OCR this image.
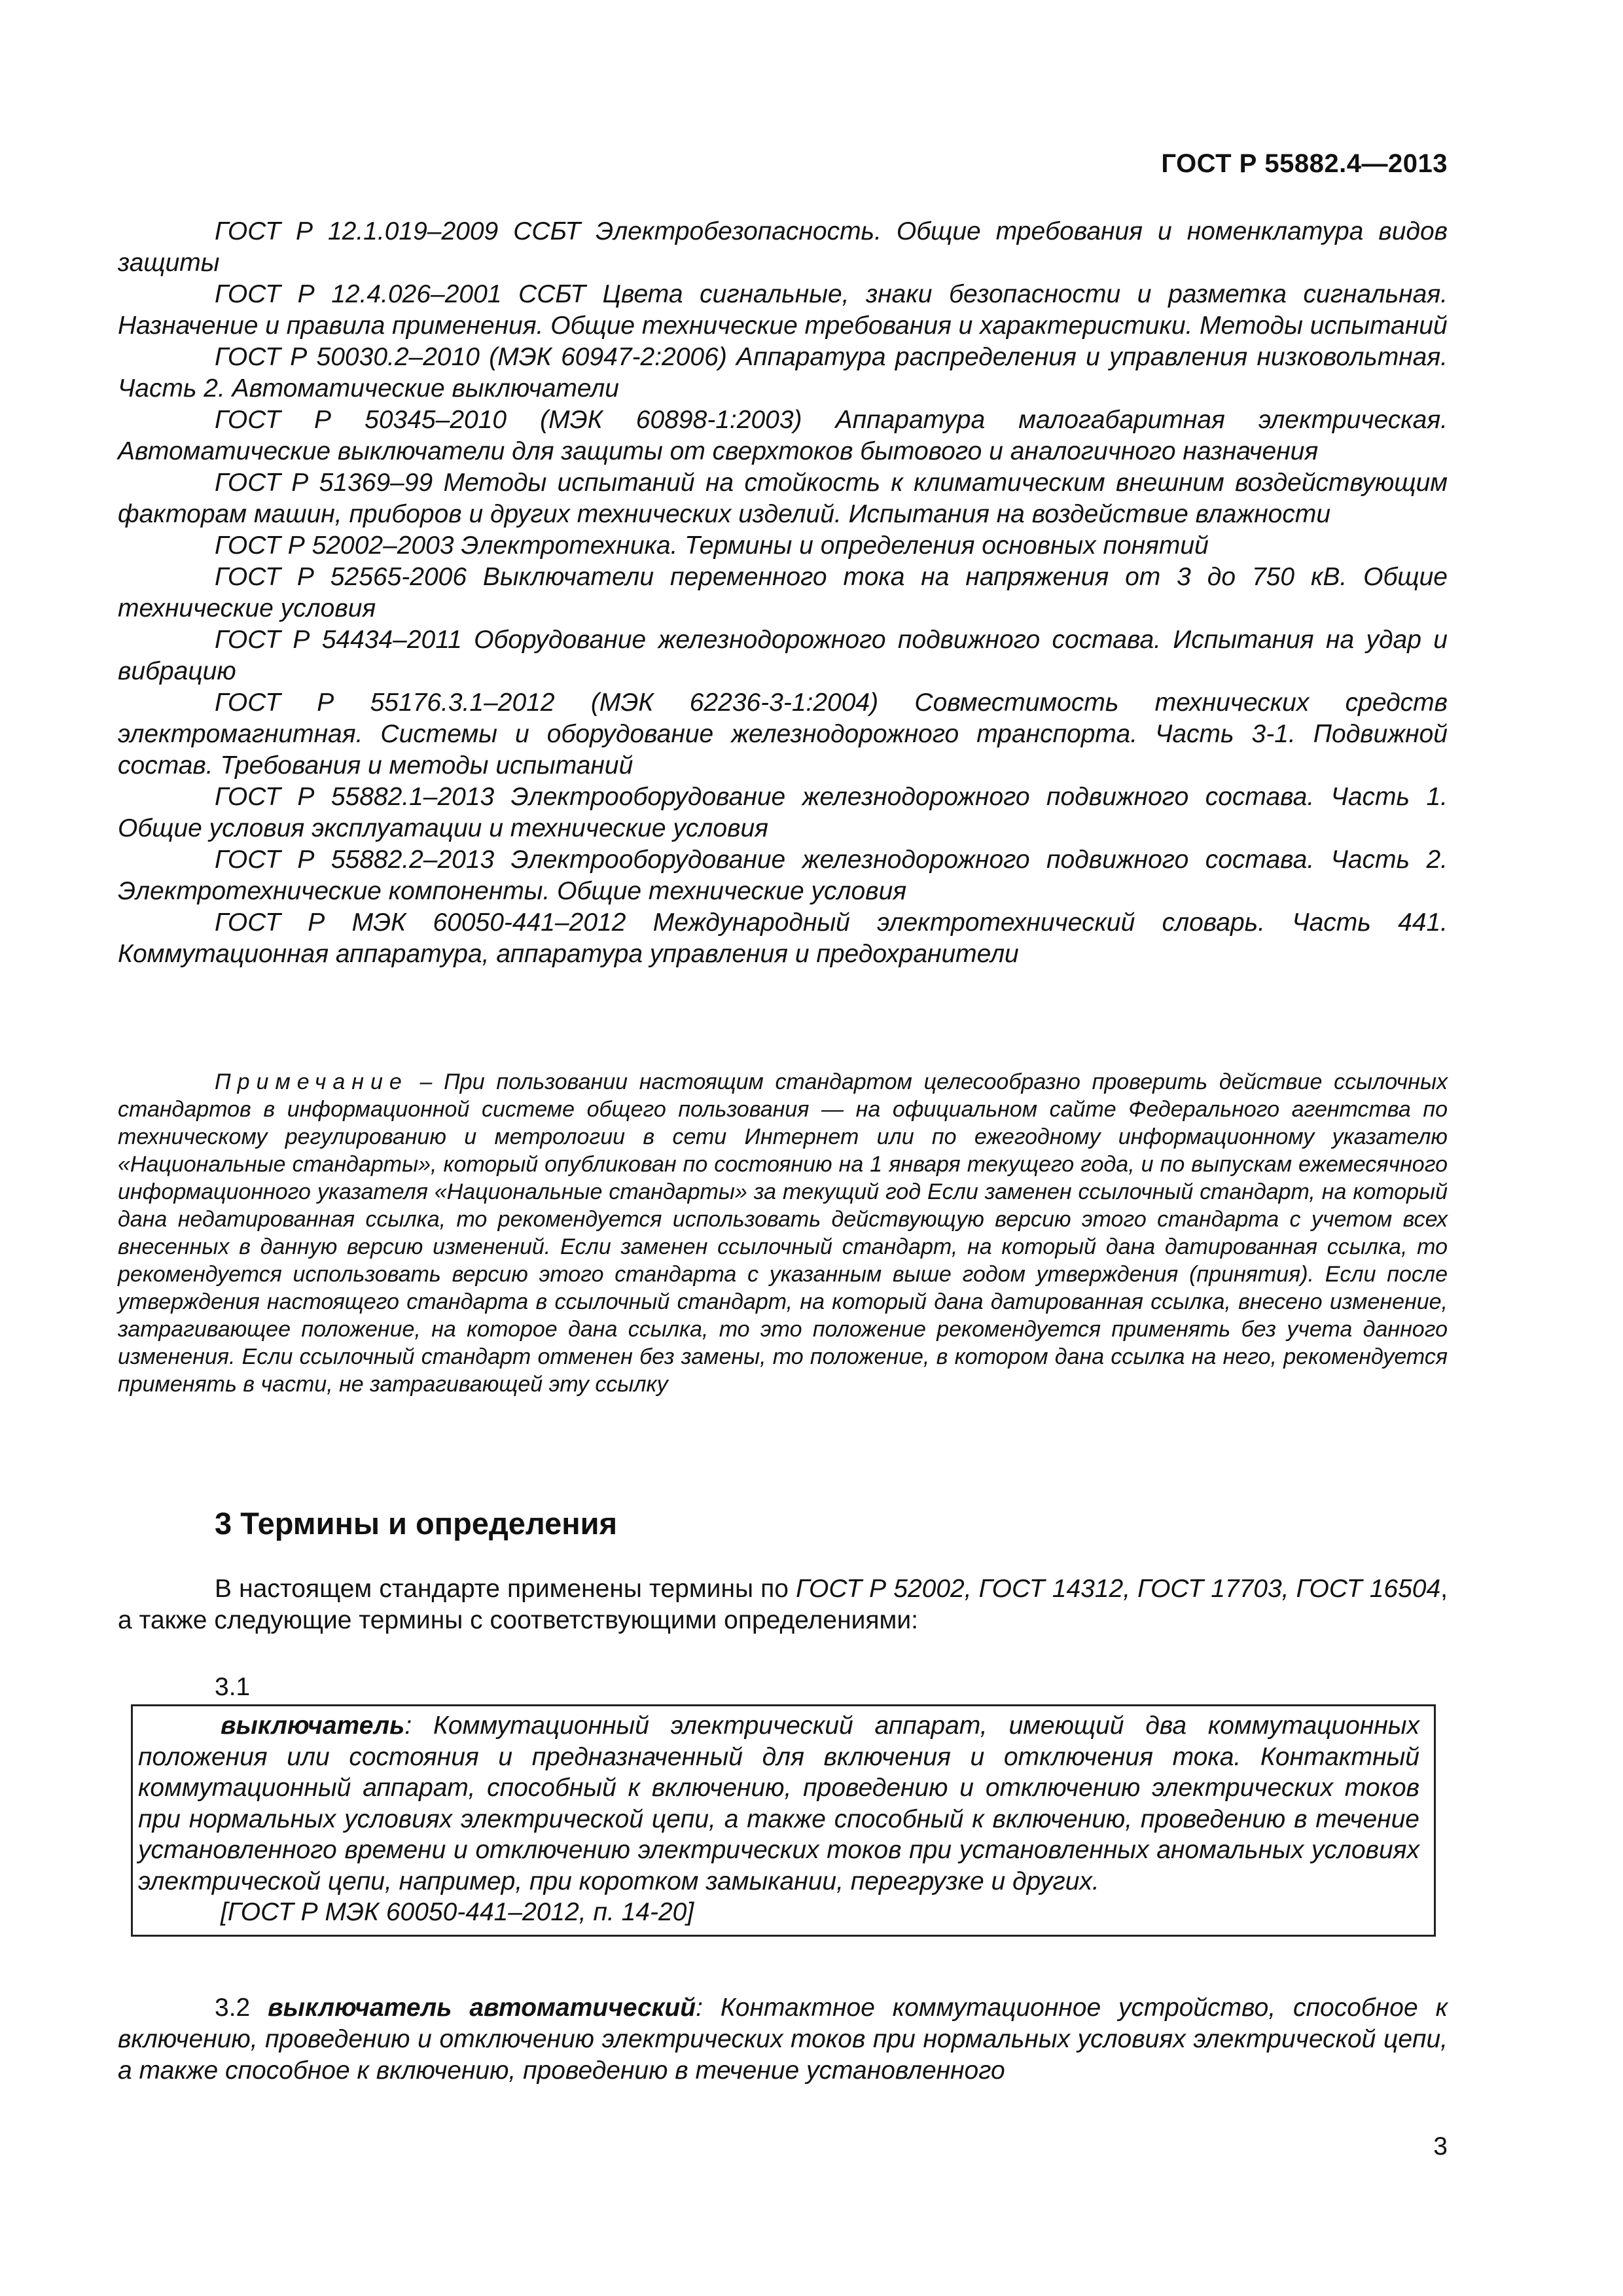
ГОСТ Р 55882.4—2013

ГОСТ Р 12.1.019–2009 ССБТ Электробезопасность. Общие требования и номенклатура видов защиты

ГОСТ Р 12.4.026–2001 ССБТ Цвета сигнальные, знаки безопасности и разметка сигнальная. Назначение и правила применения. Общие технические требования и характеристики. Методы испытаний

ГОСТ Р 50030.2–2010 (МЭК 60947-2:2006) Аппаратура распределения и управления низковольтная. Часть 2. Автоматические выключатели

ГОСТ Р 50345–2010 (МЭК 60898-1:2003) Аппаратура малогабаритная электрическая. Автоматические выключатели для защиты от сверхтоков бытового и аналогичного назначения

ГОСТ Р 51369–99 Методы испытаний на стойкость к климатическим внешним воздействующим факторам машин, приборов и других технических изделий. Испытания на воздействие влажности

ГОСТ Р 52002–2003 Электротехника. Термины и определения основных понятий

ГОСТ Р 52565-2006 Выключатели переменного тока на напряжения от 3 до 750 кВ. Общие технические условия

ГОСТ Р 54434–2011 Оборудование железнодорожного подвижного состава. Испытания на удар и вибрацию

ГОСТ Р 55176.3.1–2012 (МЭК 62236-3-1:2004) Совместимость технических средств электромагнитная. Системы и оборудование железнодорожного транспорта. Часть 3-1. Подвижной состав. Требования и методы испытаний

ГОСТ Р 55882.1–2013 Электрооборудование железнодорожного подвижного состава. Часть 1. Общие условия эксплуатации и технические условия

ГОСТ Р 55882.2–2013 Электрооборудование железнодорожного подвижного состава. Часть 2. Электротехнические компоненты. Общие технические условия

ГОСТ Р МЭК 60050-441–2012 Международный электротехнический словарь. Часть 441. Коммутационная аппаратура, аппаратура управления и предохранители

Примечание – При пользовании настоящим стандартом целесообразно проверить действие ссылочных стандартов в информационной системе общего пользования — на официальном сайте Федерального агентства по техническому регулированию и метрологии в сети Интернет или по ежегодному информационному указателю «Национальные стандарты», который опубликован по состоянию на 1 января текущего года, и по выпускам ежемесячного информационного указателя «Национальные стандарты» за текущий год Если заменен ссылочный стандарт, на который дана недатированная ссылка, то рекомендуется использовать действующую версию этого стандарта с учетом всех внесенных в данную версию изменений. Если заменен ссылочный стандарт, на который дана датированная ссылка, то рекомендуется использовать версию этого стандарта с указанным выше годом утверждения (принятия). Если после утверждения настоящего стандарта в ссылочный стандарт, на который дана датированная ссылка, внесено изменение, затрагивающее положение, на которое дана ссылка, то это положение рекомендуется применять без учета данного изменения. Если ссылочный стандарт отменен без замены, то положение, в котором дана ссылка на него, рекомендуется применять в части, не затрагивающей эту ссылку

3 Термины и определения

В настоящем стандарте применены термины по ГОСТ Р 52002, ГОСТ 14312, ГОСТ 17703, ГОСТ 16504, а также следующие термины с соответствующими определениями:

3.1

выключатель: Коммутационный электрический аппарат, имеющий два коммутационных положения или состояния и предназначенный для включения и отключения тока. Контактный коммутационный аппарат, способный к включению, проведению и отключению электрических токов при нормальных условиях электрической цепи, а также способный к включению, проведению в течение установленного времени и отключению электрических токов при установленных аномальных условиях электрической цепи, например, при коротком замыкании, перегрузке и других.

[ГОСТ Р МЭК 60050-441–2012, п. 14-20]

3.2 выключатель автоматический: Контактное коммутационное устройство, способное к включению, проведению и отключению электрических токов при нормальных условиях электрической цепи, а также способное к включению, проведению в течение установленного

3
